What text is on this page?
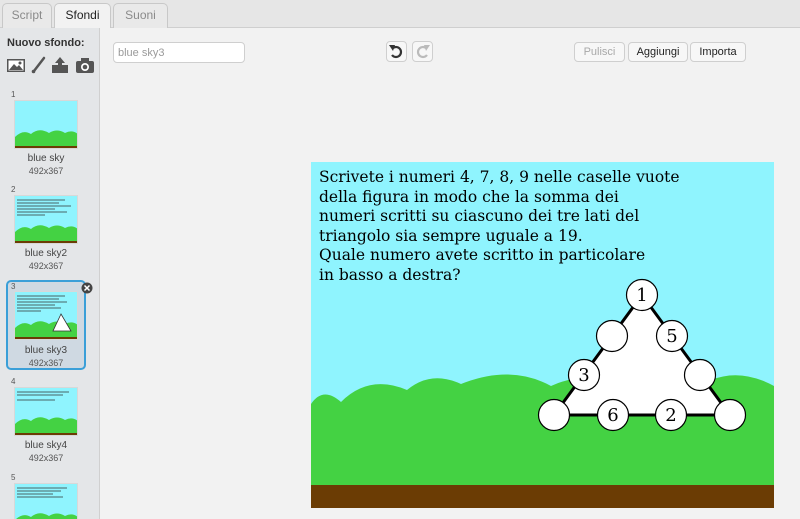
Script	Sfondi	Suoni
Nuovo sfondo:
1
blue sky
492x367
2
blue sky2
492x367
3
blue sky3
492x367
4
blue sky4
492x367
5
blue sky3
Pulisci	Aggiungi	Importa
1
5
3
6	2
Scrivete i numeri 4, 7, 8, 9 nelle caselle vuote
della figura in modo che la somma dei
numeri scritti su ciascuno dei tre lati del
triangolo sia sempre uguale a 19.
Quale numero avete scritto in particolare
in basso a destra?
